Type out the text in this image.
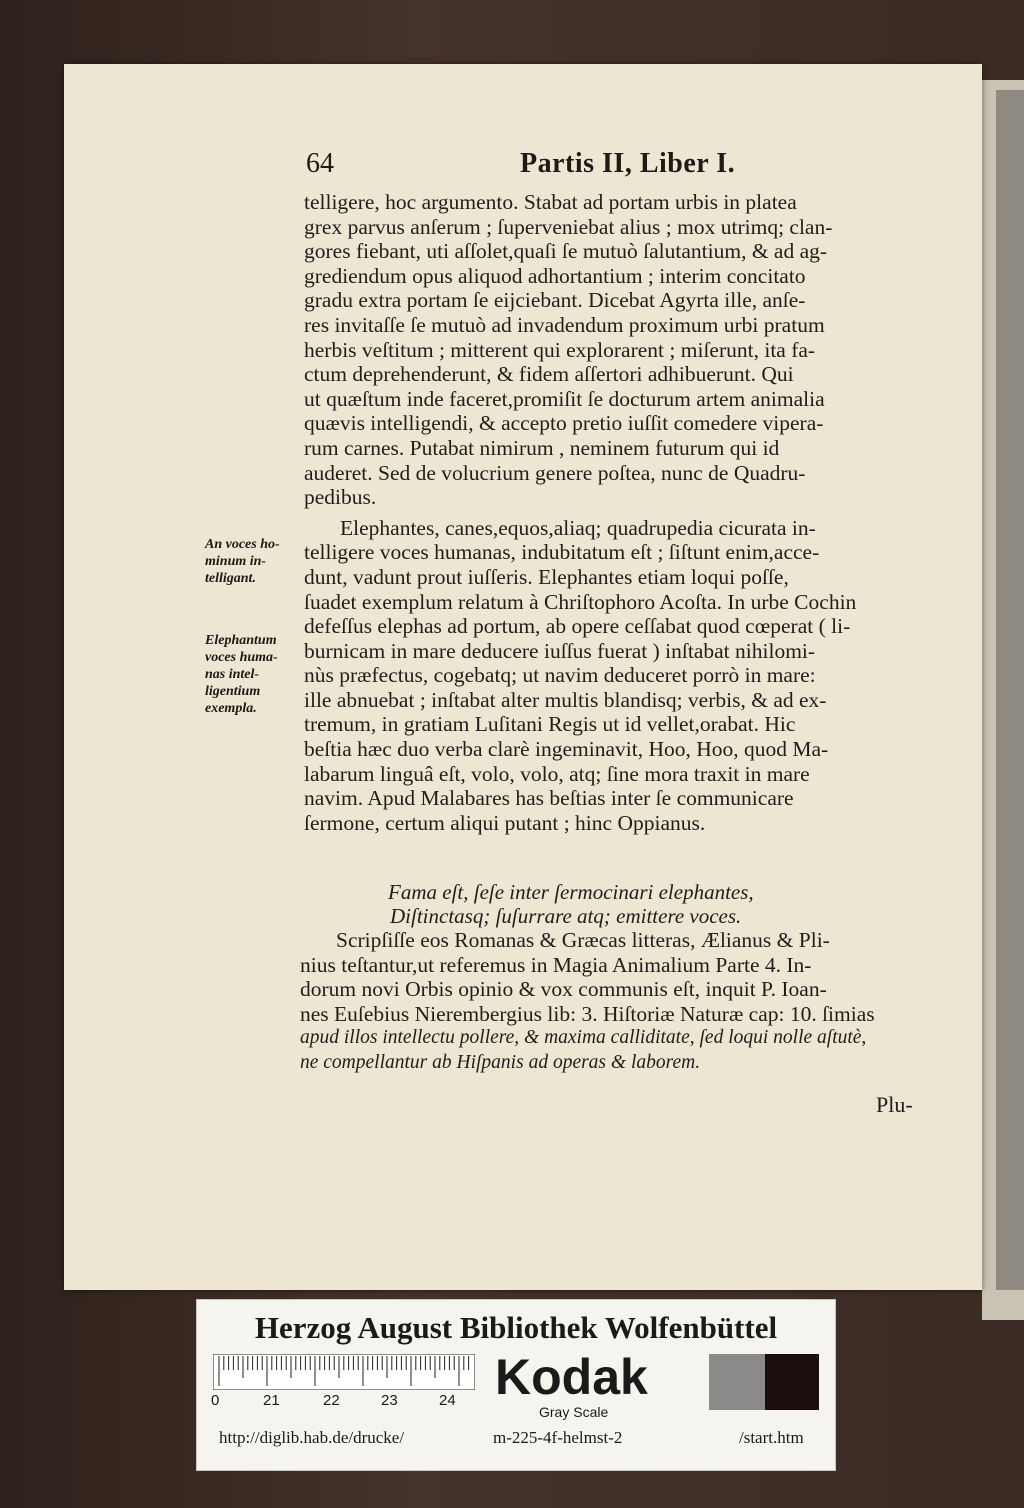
64	Partis II, Liber I.
telligere, hoc argumento. Stabat ad portam urbis in platea
grex parvus anſerum ; ſuperveniebat alius ; mox utrimq; clan-
gores fiebant, uti aſſolet,quaſi ſe mutuò ſalutantium, & ad ag-
grediendum opus aliquod adhortantium ; interim concitato
gradu extra portam ſe eijciebant. Dicebat Agyrta ille, anſe-
res invitaſſe ſe mutuò ad invadendum proximum urbi pratum
herbis veſtitum ; mitterent qui explorarent ; miſerunt, ita fa-
ctum deprehenderunt, & fidem aſſertori adhibuerunt. Qui
ut quæſtum inde faceret,promiſit ſe docturum artem animalia
quævis intelligendi, & accepto pretio iuſſit comedere vipera-
rum carnes. Putabat nimirum , neminem futurum qui id
auderet. Sed de volucrium genere poſtea, nunc de Quadru-
pedibus.
Elephantes, canes,equos,aliaq; quadrupedia cicurata in-
telligere voces humanas, indubitatum eſt ; ſiſtunt enim,acce-
dunt, vadunt prout iuſſeris. Elephantes etiam loqui poſſe,
ſuadet exemplum relatum à Chriſtophoro Acoſta. In urbe Cochin
defeſſus elephas ad portum, ab opere ceſſabat quod cœperat ( li-
burnicam in mare deducere iuſſus fuerat ) inſtabat nihilomi-
nùs præfectus, cogebatq; ut navim deduceret porrò in mare:
ille abnuebat ; inſtabat alter multis blandisq; verbis, & ad ex-
tremum, in gratiam Luſitani Regis ut id vellet,orabat. Hic
beſtia hæc duo verba clarè ingeminavit, Hoo, Hoo, quod Ma-
labarum linguâ eſt, volo, volo, atq; ſine mora traxit in mare
navim. Apud Malabares has beſtias inter ſe communicare
ſermone, certum aliqui putant ; hinc Oppianus.
Fama eſt, ſeſe inter ſermocinari elephantes,
Diſtinctasq; ſuſurrare atq; emittere voces.
Scripſiſſe eos Romanas & Græcas litteras, Ælianus & Pli-
nius teſtantur,ut referemus in Magia Animalium Parte 4. In-
dorum novi Orbis opinio & vox communis eſt, inquit P. Ioan-
nes Euſebius Nierembergius lib: 3. Hiſtoriæ Naturæ cap: 10. ſimias
apud illos intellectu pollere, & maxima calliditate, ſed loqui nolle aſtutè,
ne compellantur ab Hiſpanis ad operas & laborem.
Plu-
An voces ho-
minum in-
telligant.
Elephantum
voces huma-
nas intel-
ligentium
exempla.
Herzog August Bibliothek Wolfenbüttel
0	21	22	23	24 Kodak
Gray Scale
http://diglib.hab.de/drucke/	m-225-4f-helmst-2	/start.htm
